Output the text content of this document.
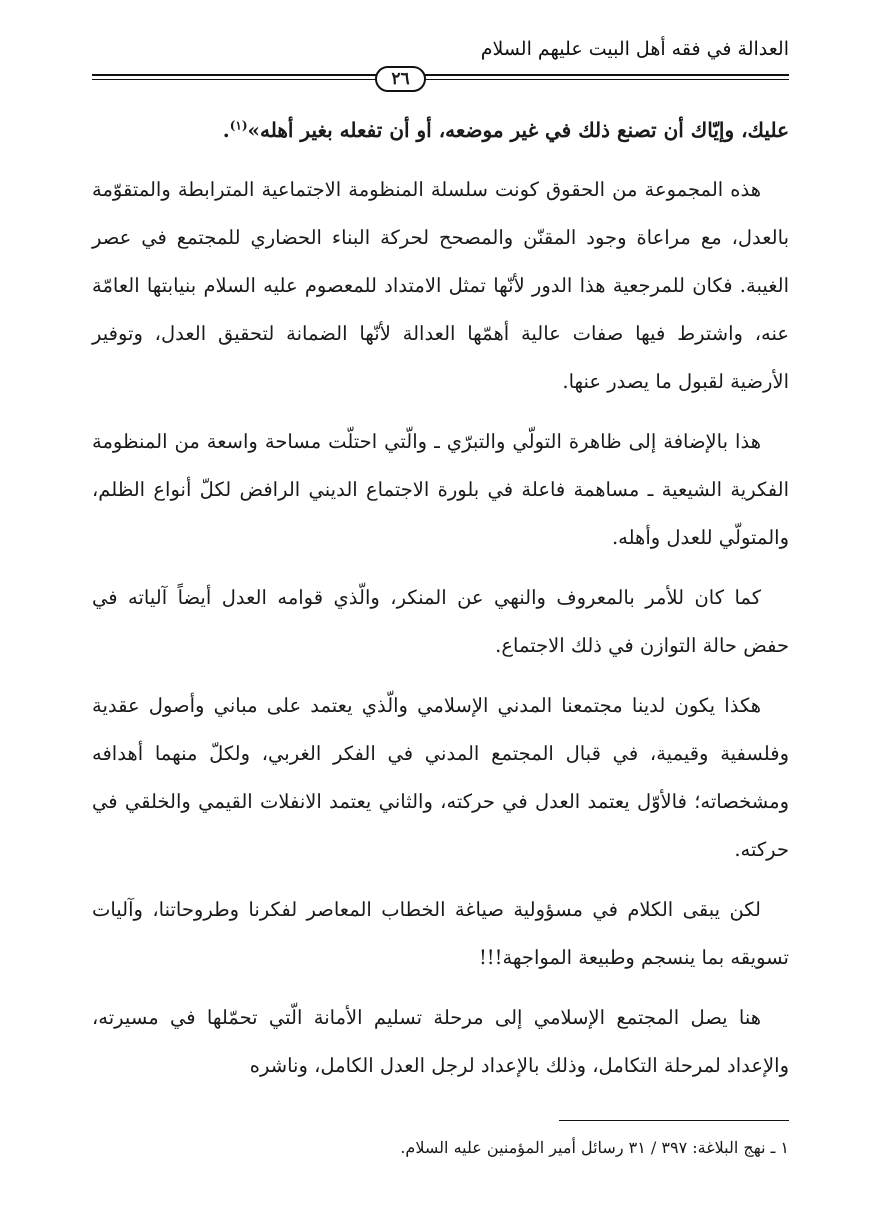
العدالة في فقه أهل البيت عليهم السلام
٢٦

عليك، وإيّاك أن تصنع ذلك في غير موضعه، أو أن تفعله بغير أهله»$^{(١)}$.

هذه المجموعة من الحقوق كونت سلسلة المنظومة الاجتماعية المترابطة والمتقوّمة بالعدل، مع مراعاة وجود المقنّن والمصحح لحركة البناء الحضاري للمجتمع في عصر الغيبة. فكان للمرجعية هذا الدور لأنّها تمثل الامتداد للمعصوم عليه السلام بنيابتها العامّة عنه، واشترط فيها صفات عالية أهمّها العدالة لأنّها الضمانة لتحقيق العدل، وتوفير الأرضية لقبول ما يصدر عنها.

هذا بالإضافة إلى ظاهرة التولّي والتبرّي ـ والّتي احتلّت مساحة واسعة من المنظومة الفكرية الشيعية ـ مساهمة فاعلة في بلورة الاجتماع الديني الرافض لكلّ أنواع الظلم، والمتولّي للعدل وأهله.

كما كان للأمر بالمعروف والنهي عن المنكر، والّذي قوامه العدل أيضاً آلياته في حفض حالة التوازن في ذلك الاجتماع.

هكذا يكون لدينا مجتمعنا المدني الإسلامي والّذي يعتمد على مباني وأصول عقدية وفلسفية وقيمية، في قبال المجتمع المدني في الفكر الغربي، ولكلّ منهما أهدافه ومشخصاته؛ فالأوّل يعتمد العدل في حركته، والثاني يعتمد الانفلات القيمي والخلقي في حركته.

لكن يبقى الكلام في مسؤولية صياغة الخطاب المعاصر لفكرنا وطروحاتنا، وآليات تسويقه بما ينسجم وطبيعة المواجهة!!!

هنا يصل المجتمع الإسلامي إلى مرحلة تسليم الأمانة الّتي تحمّلها في مسيرته، والإعداد لمرحلة التكامل، وذلك بالإعداد لرجل العدل الكامل، وناشره

١ ـ نهج البلاغة: ٣٩٧ / ٣١ رسائل أمير المؤمنين عليه السلام.
